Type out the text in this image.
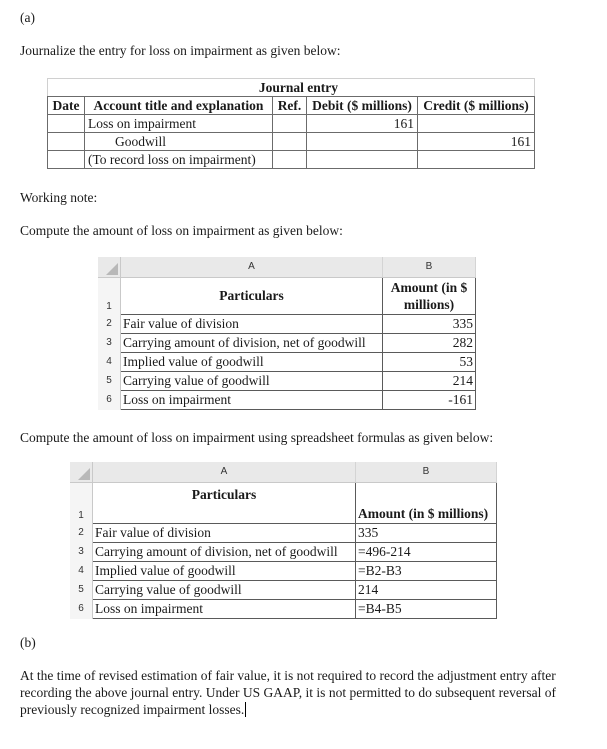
(a)
Journalize the entry for loss on impairment as given below:
Journal entry				
Date	Account title and explanation	Ref.	Debit ($ millions)	Credit ($ millions)
	Loss on impairment		161	
	Goodwill			161
	(To record loss on impairment)			
Working note:
Compute the amount of loss on impairment as given below:
	A	B
1	Particulars	Amount (in $
millions)
2	Fair value of division	335
3	Carrying amount of division, net of goodwill	282
4	Implied value of goodwill	53
5	Carrying value of goodwill	214
6	Loss on impairment	-161
Compute the amount of loss on impairment using spreadsheet formulas as given below:
	A	B
1	Particulars	Amount (in $ millions)
2	Fair value of division	335
3	Carrying amount of division, net of goodwill	=496-214
4	Implied value of goodwill	=B2-B3
5	Carrying value of goodwill	214
6	Loss on impairment	=B4-B5
(b)
At the time of revised estimation of fair value, it is not required to record the adjustment entry after recording the above journal entry. Under US GAAP, it is not permitted to do subsequent reversal of previously recognized impairment losses.
